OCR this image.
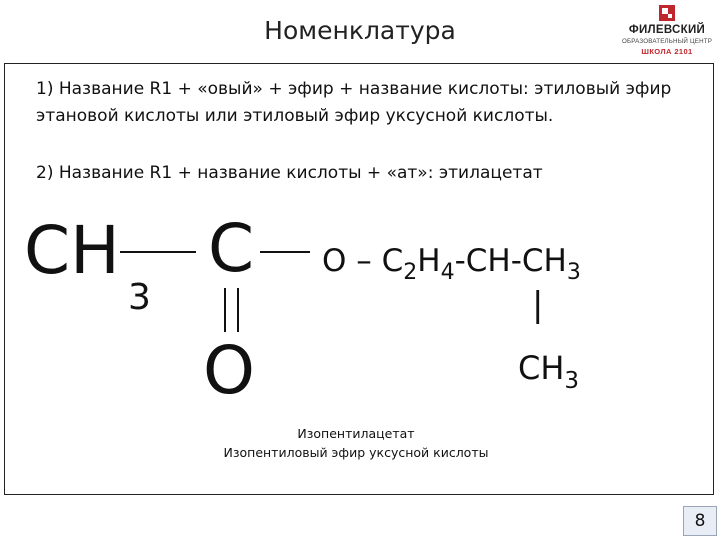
Номенклатура	ФИЛЕВСКИЙ
ОБРАЗОВАТЕЛЬНЫЙ ЦЕНТР
ШКОЛА 2101
1) Название R1 + «овый» + эфир + название кислоты: этиловый эфир этановой кислоты или этиловый эфир уксусной кислоты.
2) Название R1 + название кислоты + «ат»: этилацетат
CH
3
C
O
O – $C_2H_4-CH-CH_3$
|
$CH_3$
Изопентилацетат
Изопентиловый эфир уксусной кислоты
8
